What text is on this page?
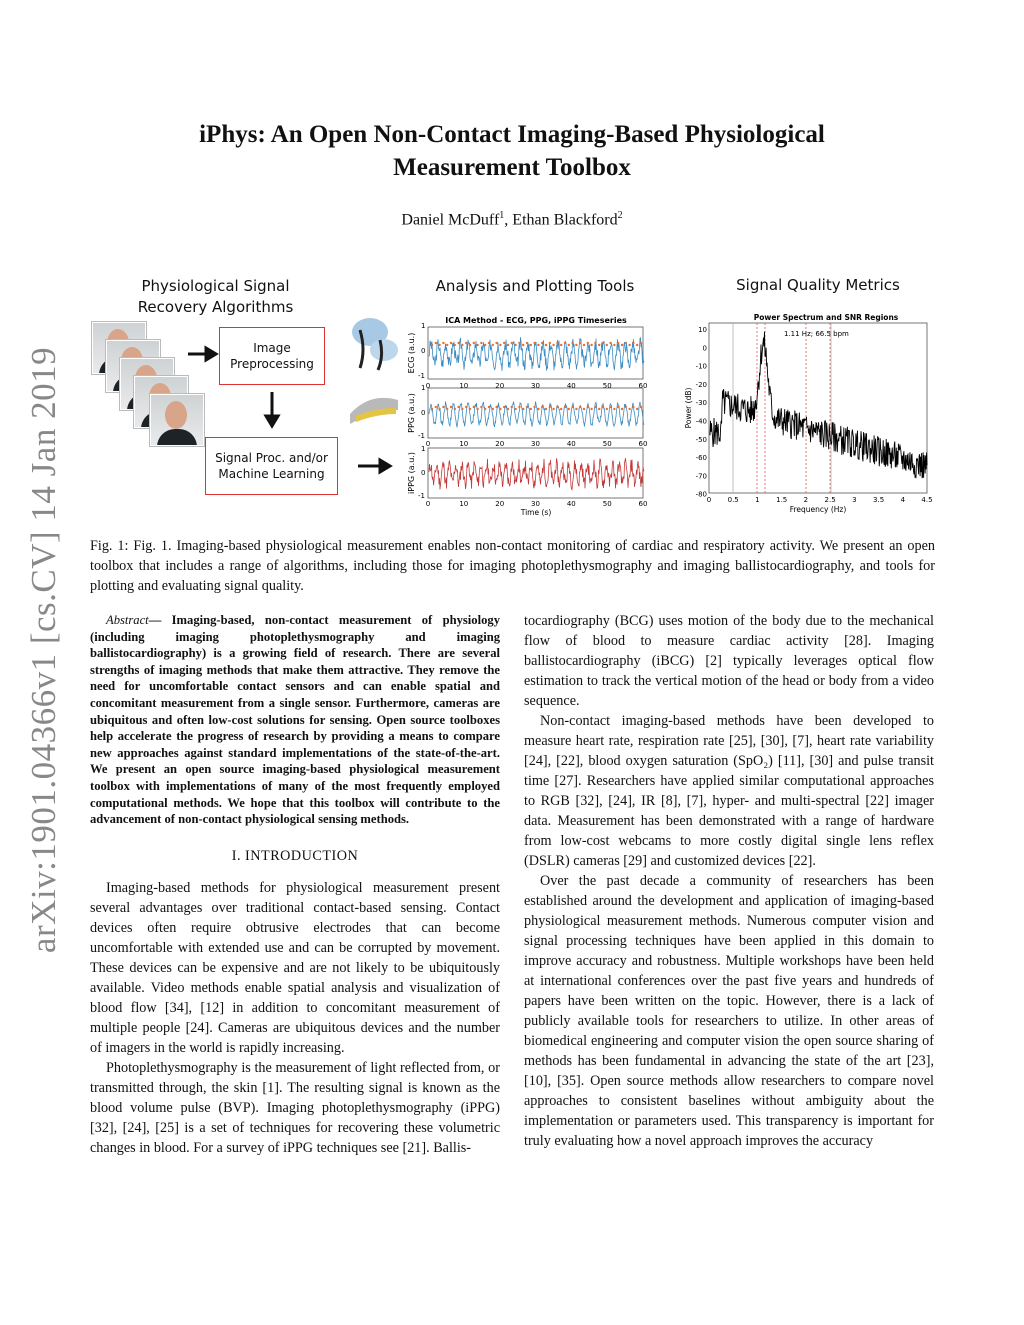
arXiv:1901.04366v1 [cs.CV] 14 Jan 2019
iPhys: An Open Non-Contact Imaging-Based Physiological
Measurement Toolbox
Daniel McDuff$^1$, Ethan Blackford$^2$
Physiological Signal
Recovery Algorithms
Analysis and Plotting Tools	Signal Quality Metrics
Image
Preprocessing
Signal Proc. and/or
Machine Learning
ICA Method - ECG, PPG, iPPG Timeseries
ECG (a.u.)
PPG (a.u.)
iPPG (a.u.)
1
0
-1
1
0
-1
1
0
-1
0	10	20	30	40	50	60
0	10	20	30	40	50	60
0	10	20	30	40	50	60
Time (s)
Power Spectrum and SNR Regions
1.11 Hz; 66.5 bpm
Power (dB)
10
0
-10
-20
-30
-40
-50
-60
-70
-80
0 0.5 1 1.5 2 2.5 3 3.5 4 4.5
Frequency (Hz)
Fig. 1: Fig. 1. Imaging-based physiological measurement enables non-contact monitoring of cardiac and respiratory activity. We present an open toolbox that includes a range of algorithms, including those for imaging photoplethysmography and imaging ballistocardiography, and tools for plotting and evaluating signal quality.

Abstract— Imaging-based, non-contact measurement of physiology (including imaging photoplethysmography and imaging ballistocardiography) is a growing field of research. There are several strengths of imaging methods that make them attractive. They remove the need for uncomfortable contact sensors and can enable spatial and concomitant measurement from a single sensor. Furthermore, cameras are ubiquitous and often low-cost solutions for sensing. Open source toolboxes help accelerate the progress of research by providing a means to compare new approaches against standard implementations of the state-of-the-art. We present an open source imaging-based physiological measurement toolbox with implementations of many of the most frequently employed computational methods. We hope that this toolbox will contribute to the advancement of non-contact physiological sensing methods.

I. INTRODUCTION

Imaging-based methods for physiological measurement present several advantages over traditional contact-based sensing. Contact devices often require obtrusive electrodes that can become uncomfortable with extended use and can be corrupted by movement. These devices can be expensive and are not likely to be ubiquitously available. Video methods enable spatial analysis and visualization of blood flow [34], [12] in addition to concomitant measurement of multiple people [24]. Cameras are ubiquitous devices and the number of imagers in the world is rapidly increasing.

Photoplethysmography is the measurement of light reflected from, or transmitted through, the skin [1]. The resulting signal is known as the blood volume pulse (BVP). Imaging photoplethysmography (iPPG) [32], [24], [25] is a set of techniques for recovering these volumetric changes in blood. For a survey of iPPG techniques see [21]. Ballis-

tocardiography (BCG) uses motion of the body due to the mechanical flow of blood to measure cardiac activity [28]. Imaging ballistocardiography (iBCG) [2] typically leverages optical flow estimation to track the vertical motion of the head or body from a video sequence.

Non-contact imaging-based methods have been developed to measure heart rate, respiration rate [25], [30], [7], heart rate variability [24], [22], blood oxygen saturation (SpO₂) [11], [30] and pulse transit time [27]. Researchers have applied similar computational approaches to RGB [32], [24], IR [8], [7], hyper- and multi-spectral [22] imager data. Measurement has been demonstrated with a range of hardware from low-cost webcams to more costly digital single lens reflex (DSLR) cameras [29] and customized devices [22].

Over the past decade a community of researchers has been established around the development and application of imaging-based physiological measurement methods. Numerous computer vision and signal processing techniques have been applied in this domain to improve accuracy and robustness. Multiple workshops have been held at international conferences over the past five years and hundreds of papers have been written on the topic. However, there is a lack of publicly available tools for researchers to utilize. In other areas of biomedical engineering and computer vision the open source sharing of methods has been fundamental in advancing the state of the art [23], [10], [35]. Open source methods allow researchers to compare novel approaches to consistent baselines without ambiguity about the implementation or parameters used. This transparency is important for truly evaluating how a novel approach improves the accuracy
